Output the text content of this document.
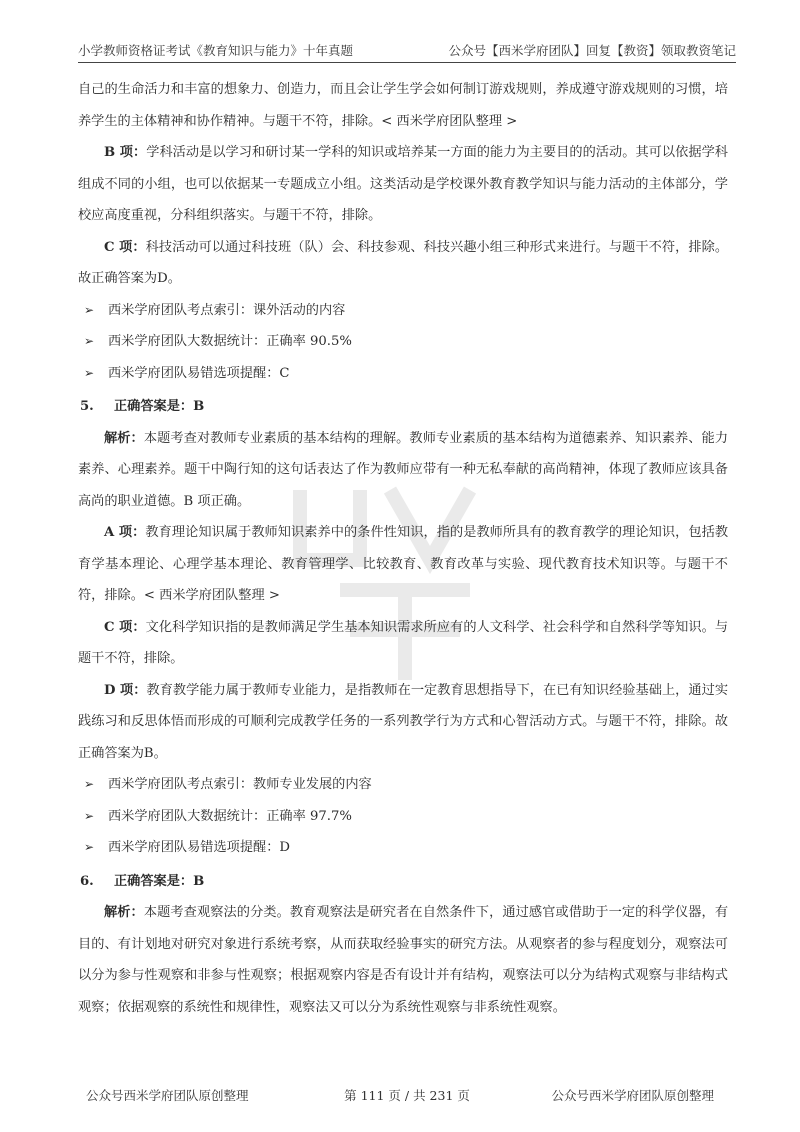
小学教师资格证考试《教育知识与能力》十年真题	公众号【西米学府团队】回复【教资】领取教资笔记

自己的生命活力和丰富的想象力、创造力，而且会让学生学会如何制订游戏规则，养成遵守游戏规则的习惯，培养学生的主体精神和协作精神。与题干不符，排除。< 西米学府团队整理 >

B 项：学科活动是以学习和研讨某一学科的知识或培养某一方面的能力为主要目的的活动。其可以依据学科组成不同的小组，也可以依据某一专题成立小组。这类活动是学校课外教育教学知识与能力活动的主体部分，学校应高度重视，分科组织落实。与题干不符，排除。

C 项：科技活动可以通过科技班（队）会、科技参观、科技兴趣小组三种形式来进行。与题干不符，排除。故正确答案为D。

➢ 西米学府团队考点索引：课外活动的内容

➢ 西米学府团队大数据统计：正确率 90.5%

➢ 西米学府团队易错选项提醒：C

5. 正确答案是：B

解析：本题考查对教师专业素质的基本结构的理解。教师专业素质的基本结构为道德素养、知识素养、能力素养、心理素养。题干中陶行知的这句话表达了作为教师应带有一种无私奉献的高尚精神，体现了教师应该具备高尚的职业道德。B 项正确。

A 项：教育理论知识属于教师知识素养中的条件性知识，指的是教师所具有的教育教学的理论知识，包括教育学基本理论、心理学基本理论、教育管理学、比较教育、教育改革与实验、现代教育技术知识等。与题干不符，排除。< 西米学府团队整理 >

C 项：文化科学知识指的是教师满足学生基本知识需求所应有的人文科学、社会科学和自然科学等知识。与题干不符，排除。

D 项：教育教学能力属于教师专业能力，是指教师在一定教育思想指导下，在已有知识经验基础上，通过实践练习和反思体悟而形成的可顺利完成教学任务的一系列教学行为方式和心智活动方式。与题干不符，排除。故正确答案为B。

➢ 西米学府团队考点索引：教师专业发展的内容

➢ 西米学府团队大数据统计：正确率 97.7%

➢ 西米学府团队易错选项提醒：D

6. 正确答案是：B

解析：本题考查观察法的分类。教育观察法是研究者在自然条件下，通过感官或借助于一定的科学仪器，有目的、有计划地对研究对象进行系统考察，从而获取经验事实的研究方法。从观察者的参与程度划分，观察法可以分为参与性观察和非参与性观察；根据观察内容是否有设计并有结构，观察法可以分为结构式观察与非结构式观察；依据观察的系统性和规律性，观察法又可以分为系统性观察与非系统性观察。

公众号西米学府团队原创整理	第 111 页 / 共 231 页	公众号西米学府团队原创整理
